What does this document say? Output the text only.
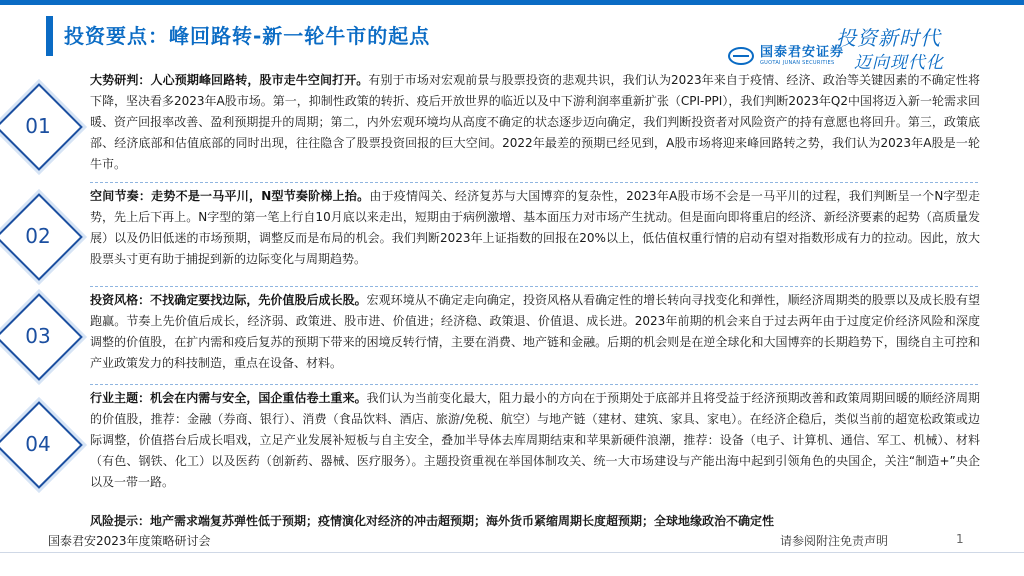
投资要点：峰回路转-新一轮牛市的起点
国泰君安证券
GUOTAI JUNAN SECURITIES
投资新时代
迈向现代化
01
大势研判：人心预期峰回路转，股市走牛空间打开。有别于市场对宏观前景与股票投资的悲观共识，我们认为2023年来自于疫情、经济、政治等关键因素的不确定性将下降，坚决看多2023年A股市场。第一，抑制性政策的转折、疫后开放世界的临近以及中下游利润率重新扩张（CPI-PPI），我们判断2023年Q2中国将迈入新一轮需求回暖、资产回报率改善、盈利预期提升的周期；第二，内外宏观环境均从高度不确定的状态逐步迈向确定，我们判断投资者对风险资产的持有意愿也将回升。第三，政策底部、经济底部和估值底部的同时出现，往往隐含了股票投资回报的巨大空间。2022年最差的预期已经见到，A股市场将迎来峰回路转之势，我们认为2023年A股是一轮牛市。
02
空间节奏：走势不是一马平川，N型节奏阶梯上抬。由于疫情闯关、经济复苏与大国博弈的复杂性，2023年A股市场不会是一马平川的过程，我们判断呈一个N字型走势，先上后下再上。N字型的第一笔上行自10月底以来走出，短期由于病例激增、基本面压力对市场产生扰动。但是面向即将重启的经济、新经济要素的起势（高质量发展）以及仍旧低迷的市场预期，调整反而是布局的机会。我们判断2023年上证指数的回报在20%以上，低估值权重行情的启动有望对指数形成有力的拉动。因此，放大股票头寸更有助于捕捉到新的边际变化与周期趋势。
03
投资风格：不找确定要找边际，先价值股后成长股。宏观环境从不确定走向确定，投资风格从看确定性的增长转向寻找变化和弹性，顺经济周期类的股票以及成长股有望跑赢。节奏上先价值后成长，经济弱、政策进、股市进、价值进；经济稳、政策退、价值退、成长进。2023年前期的机会来自于过去两年由于过度定价经济风险和深度调整的价值股，在扩内需和疫后复苏的预期下带来的困境反转行情，主要在消费、地产链和金融。后期的机会则是在逆全球化和大国博弈的长期趋势下，围绕自主可控和产业政策发力的科技制造，重点在设备、材料。
04
行业主题：机会在内需与安全，国企重估卷土重来。我们认为当前变化最大，阻力最小的方向在于预期处于底部并且将受益于经济预期改善和政策周期回暖的顺经济周期的价值股，推荐：金融（券商、银行）、消费（食品饮料、酒店、旅游/免税、航空）与地产链（建材、建筑、家具、家电）。在经济企稳后，类似当前的超宽松政策或边际调整，价值搭台后成长唱戏，立足产业发展补短板与自主安全，叠加半导体去库周期结束和苹果新硬件浪潮，推荐：设备（电子、计算机、通信、军工、机械）、材料（有色、钢铁、化工）以及医药（创新药、器械、医疗服务）。主题投资重视在举国体制攻关、统一大市场建设与产能出海中起到引领角色的央国企，关注“制造+”央企以及一带一路。
风险提示：地产需求端复苏弹性低于预期；疫情演化对经济的冲击超预期；海外货币紧缩周期长度超预期；全球地缘政治不确定性
国泰君安2023年度策略研讨会	请参阅附注免责声明	1
